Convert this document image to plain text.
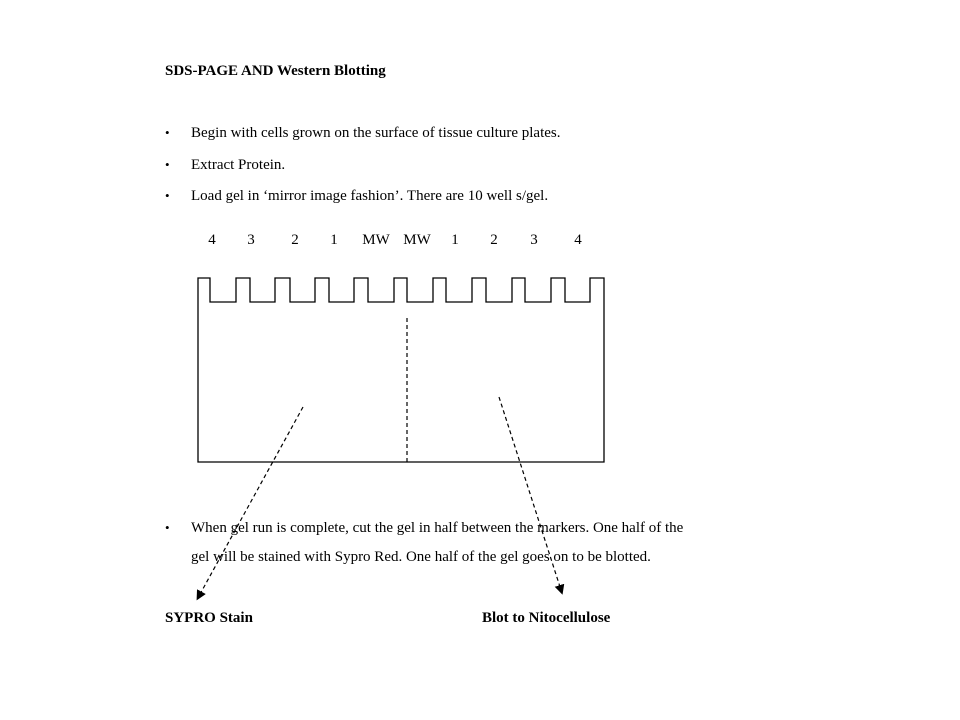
SDS-PAGE AND Western Blotting
•	Begin with cells grown on the surface of tissue culture plates.
•	Extract Protein.
•	Load gel in ‘mirror image fashion’. There are 10 well s/gel.
4 3 2 1 MW MW 1 2 3 4
•	When gel run is complete, cut the gel in half between the markers. One half of the
gel will be stained with Sypro Red. One half of the gel goes on to be blotted.
SYPRO Stain	Blot to Nitocellulose
